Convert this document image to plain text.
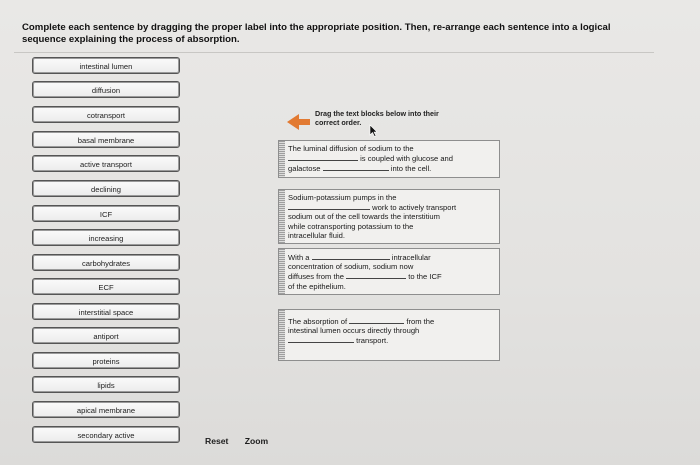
Complete each sentence by dragging the proper label into the appropriate position. Then, re-arrange each sentence into a logical
sequence explaining the process of absorption.
intestinal lumen
diffusion
cotransport
basal membrane
active transport
declining
ICF
increasing
carbohydrates
ECF
interstitial space
antiport
proteins
lipids
apical membrane
secondary active
Drag the text blocks below into their
correct order.
The luminal diffusion of sodium to the
is coupled with glucose and
galactose	into the cell.
Sodium-potassium pumps in the
work to actively transport
sodium out of the cell towards the interstitium
while cotransporting potassium to the
intracellular fluid.
With a	intracellular
concentration of sodium, sodium now
diffuses from the	to the ICF
of the epithelium.
The absorption of	from the
intestinal lumen occurs directly through
transport.
Reset Zoom
